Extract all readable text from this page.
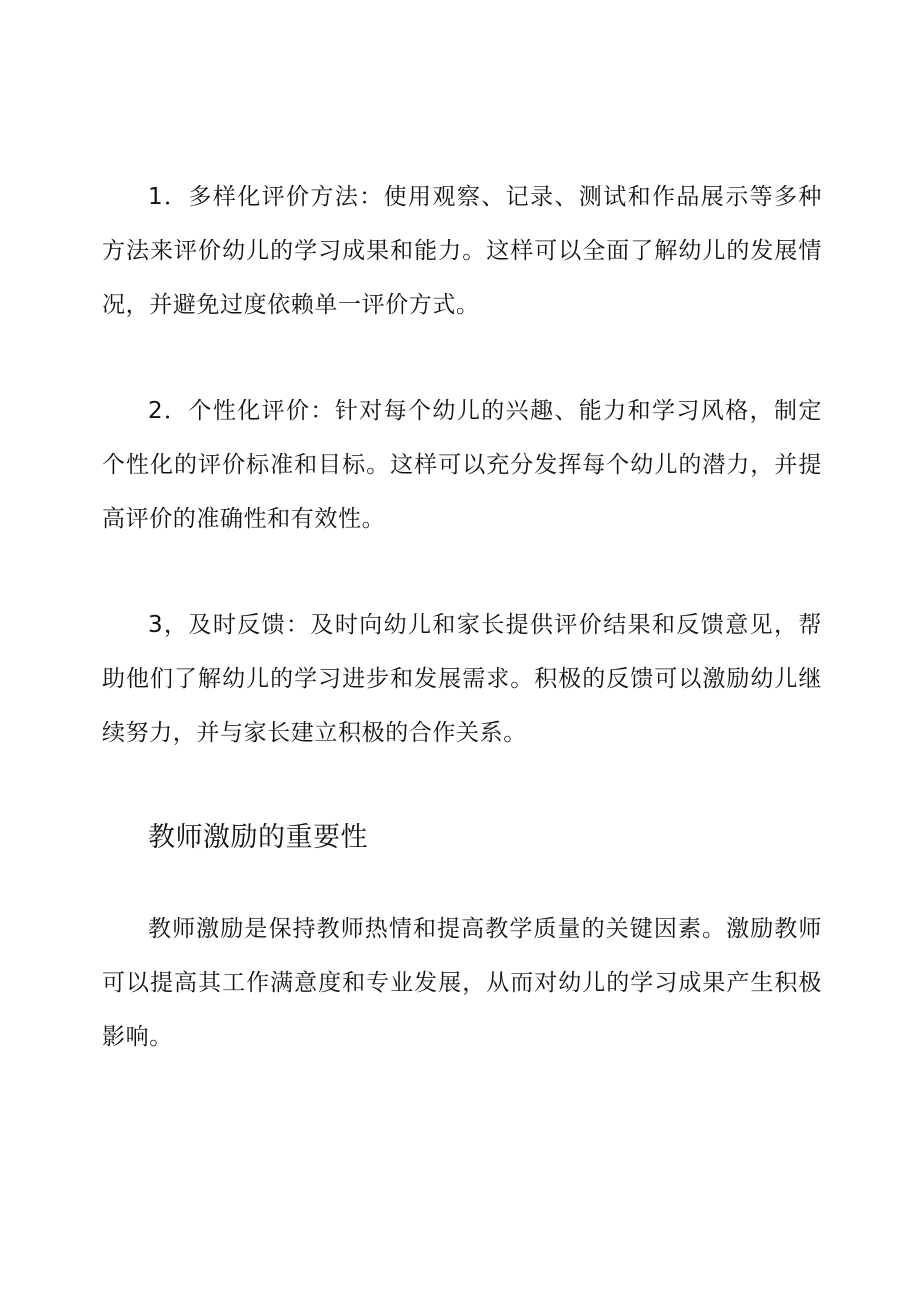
1．多样化评价方法：使用观察、记录、测试和作品展示等多种方法来评价幼儿的学习成果和能力。这样可以全面了解幼儿的发展情况，并避免过度依赖单一评价方式。

2．个性化评价：针对每个幼儿的兴趣、能力和学习风格，制定个性化的评价标准和目标。这样可以充分发挥每个幼儿的潜力，并提高评价的准确性和有效性。

3，及时反馈：及时向幼儿和家长提供评价结果和反馈意见，帮助他们了解幼儿的学习进步和发展需求。积极的反馈可以激励幼儿继续努力，并与家长建立积极的合作关系。

教师激励的重要性

教师激励是保持教师热情和提高教学质量的关键因素。激励教师可以提高其工作满意度和专业发展，从而对幼儿的学习成果产生积极影响。
